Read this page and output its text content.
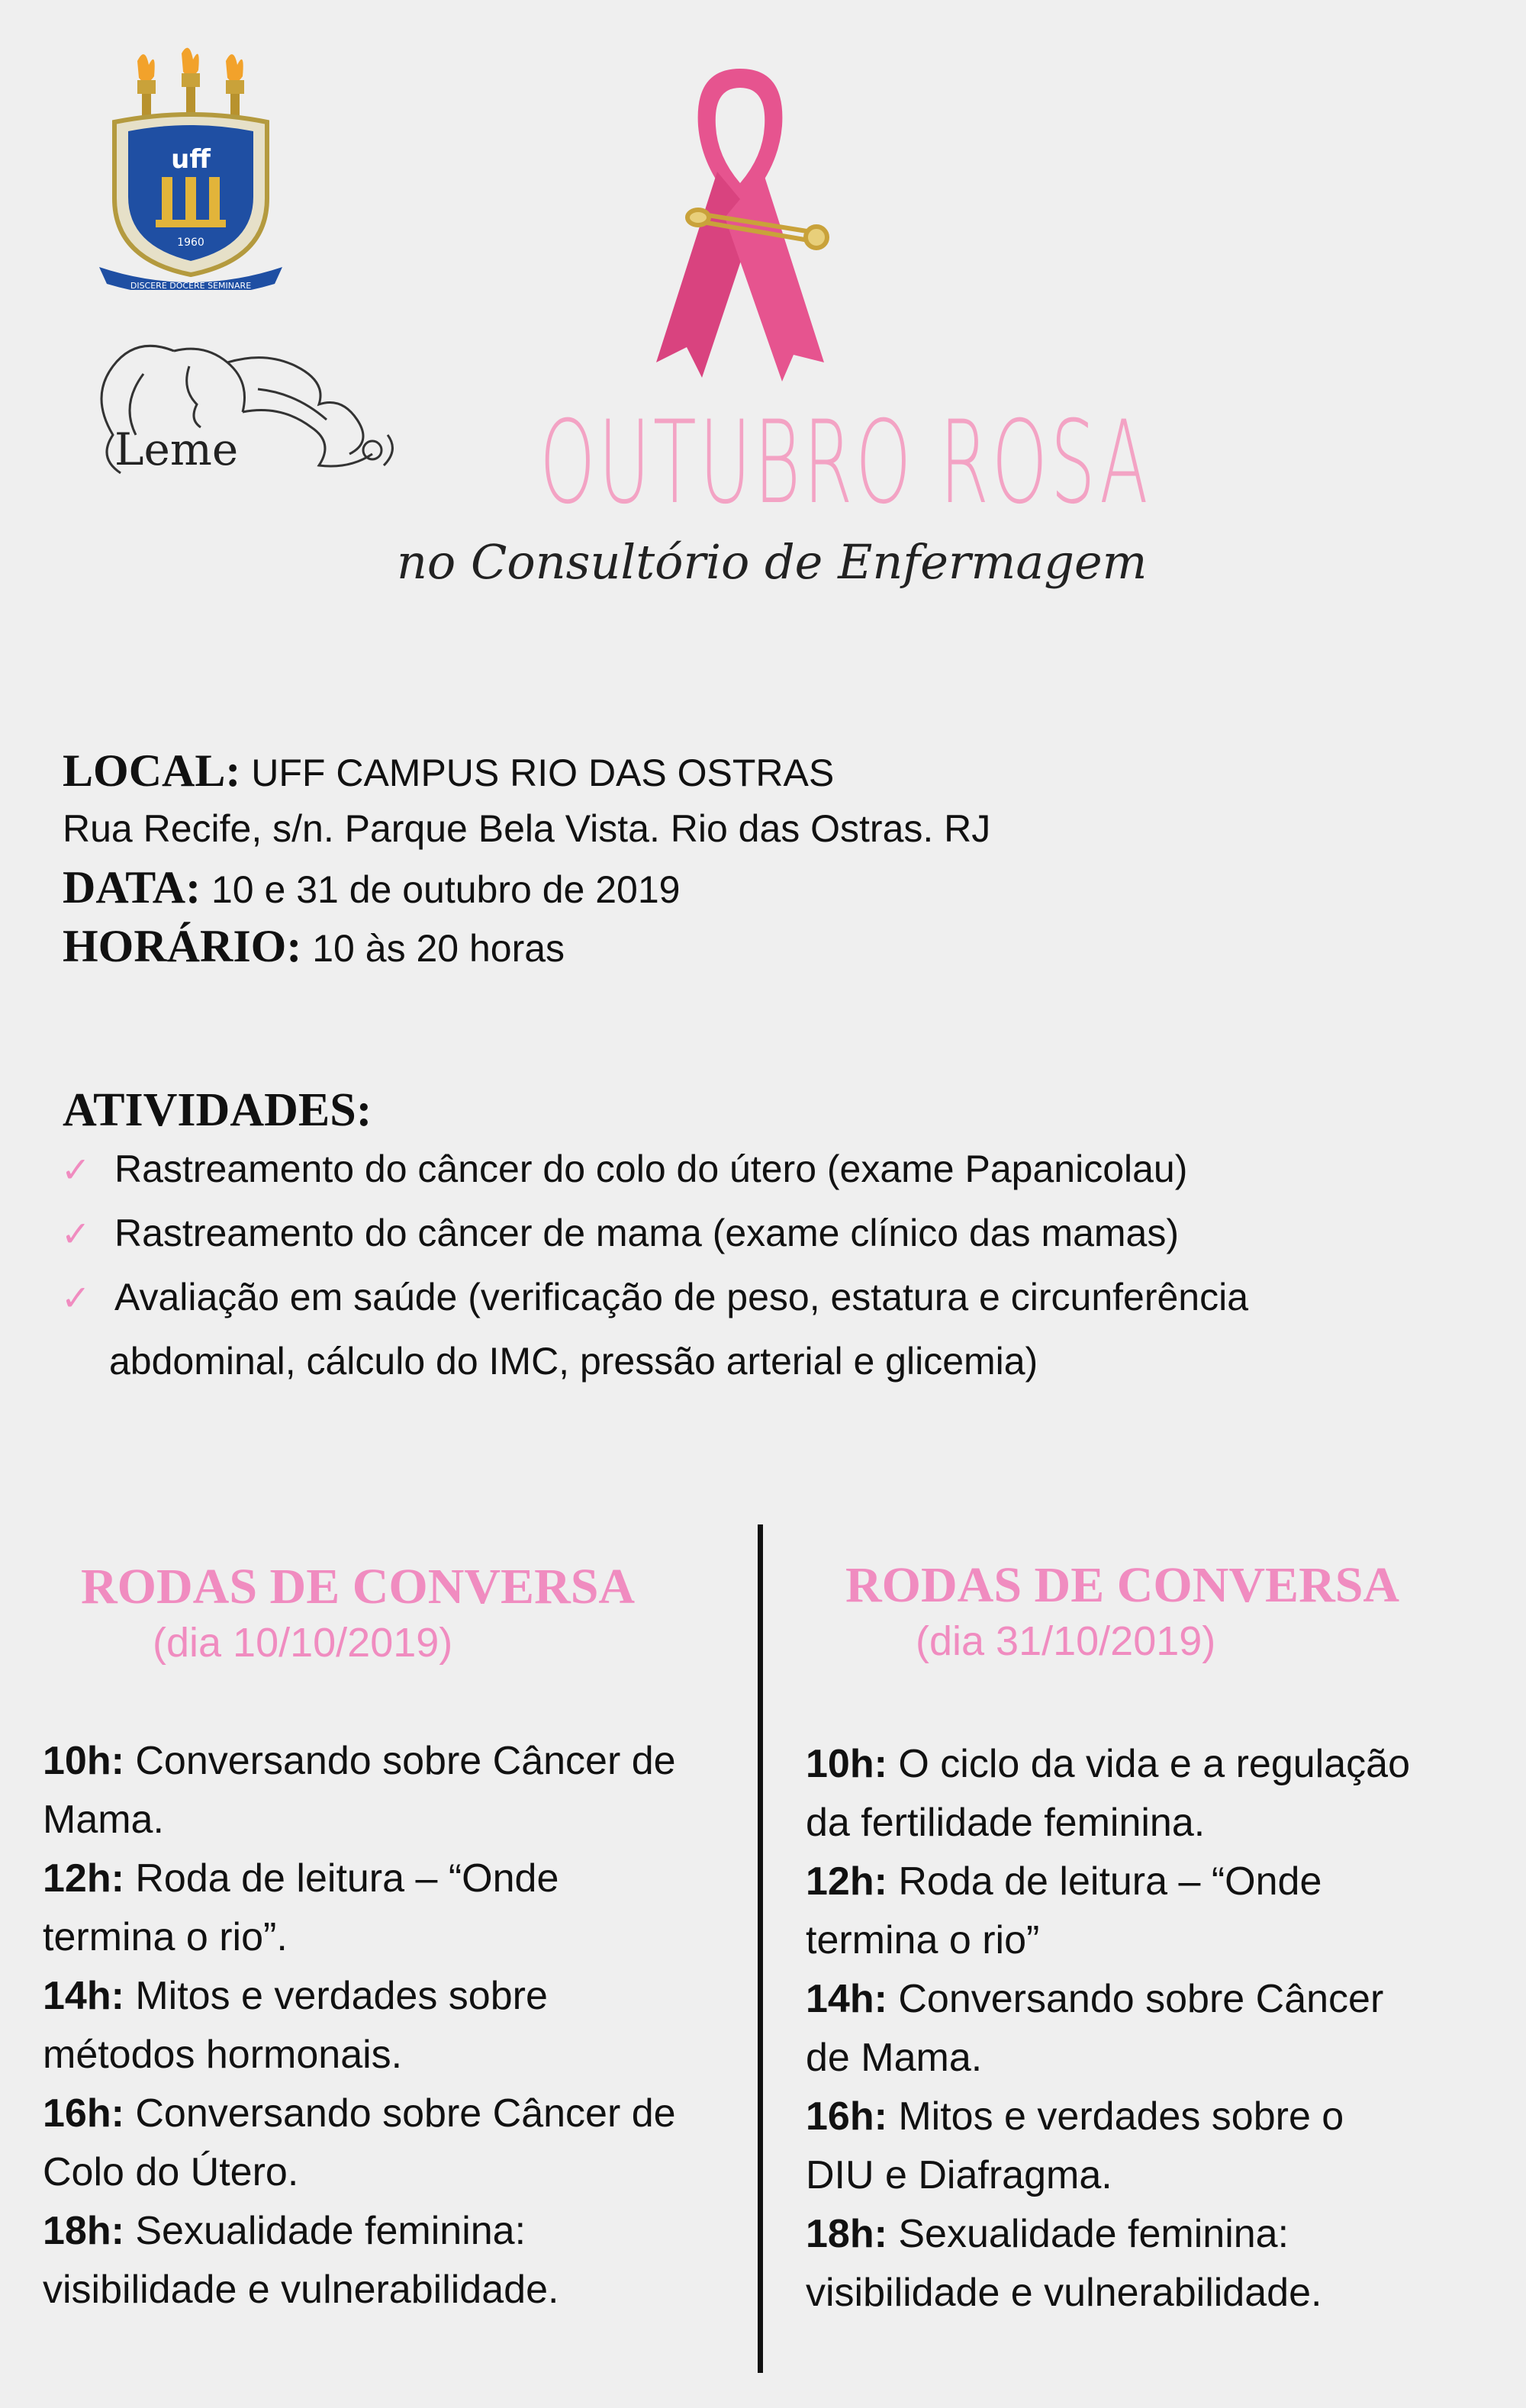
uff
1960
DISCERE DOCERE SEMINARE
Leme	OUTUBRO ROSA
no Consultório de Enfermagem
LOCAL: UFF CAMPUS RIO DAS OSTRAS
Rua Recife, s/n. Parque Bela Vista. Rio das Ostras. RJ
DATA: 10 e 31 de outubro de 2019
HORÁRIO: 10 às 20 horas
ATIVIDADES:
✓ Rastreamento do câncer do colo do útero (exame Papanicolau)
✓ Rastreamento do câncer de mama (exame clínico das mamas)
✓ Avaliação em saúde (verificação de peso, estatura e circunferência
abdominal, cálculo do IMC, pressão arterial e glicemia)
RODAS DE CONVERSA
(dia 10/10/2019)

10h: Conversando sobre Câncer de
Mama.

12h: Roda de leitura – “Onde
termina o rio”.

14h: Mitos e verdades sobre
métodos hormonais.

16h: Conversando sobre Câncer de
Colo do Útero.

18h: Sexualidade feminina:
visibilidade e vulnerabilidade.

RODAS DE CONVERSA
(dia 31/10/2019)

10h: O ciclo da vida e a regulação
da fertilidade feminina.

12h: Roda de leitura – “Onde
termina o rio”

14h: Conversando sobre Câncer
de Mama.

16h: Mitos e verdades sobre o
DIU e Diafragma.

18h: Sexualidade feminina:
visibilidade e vulnerabilidade.
